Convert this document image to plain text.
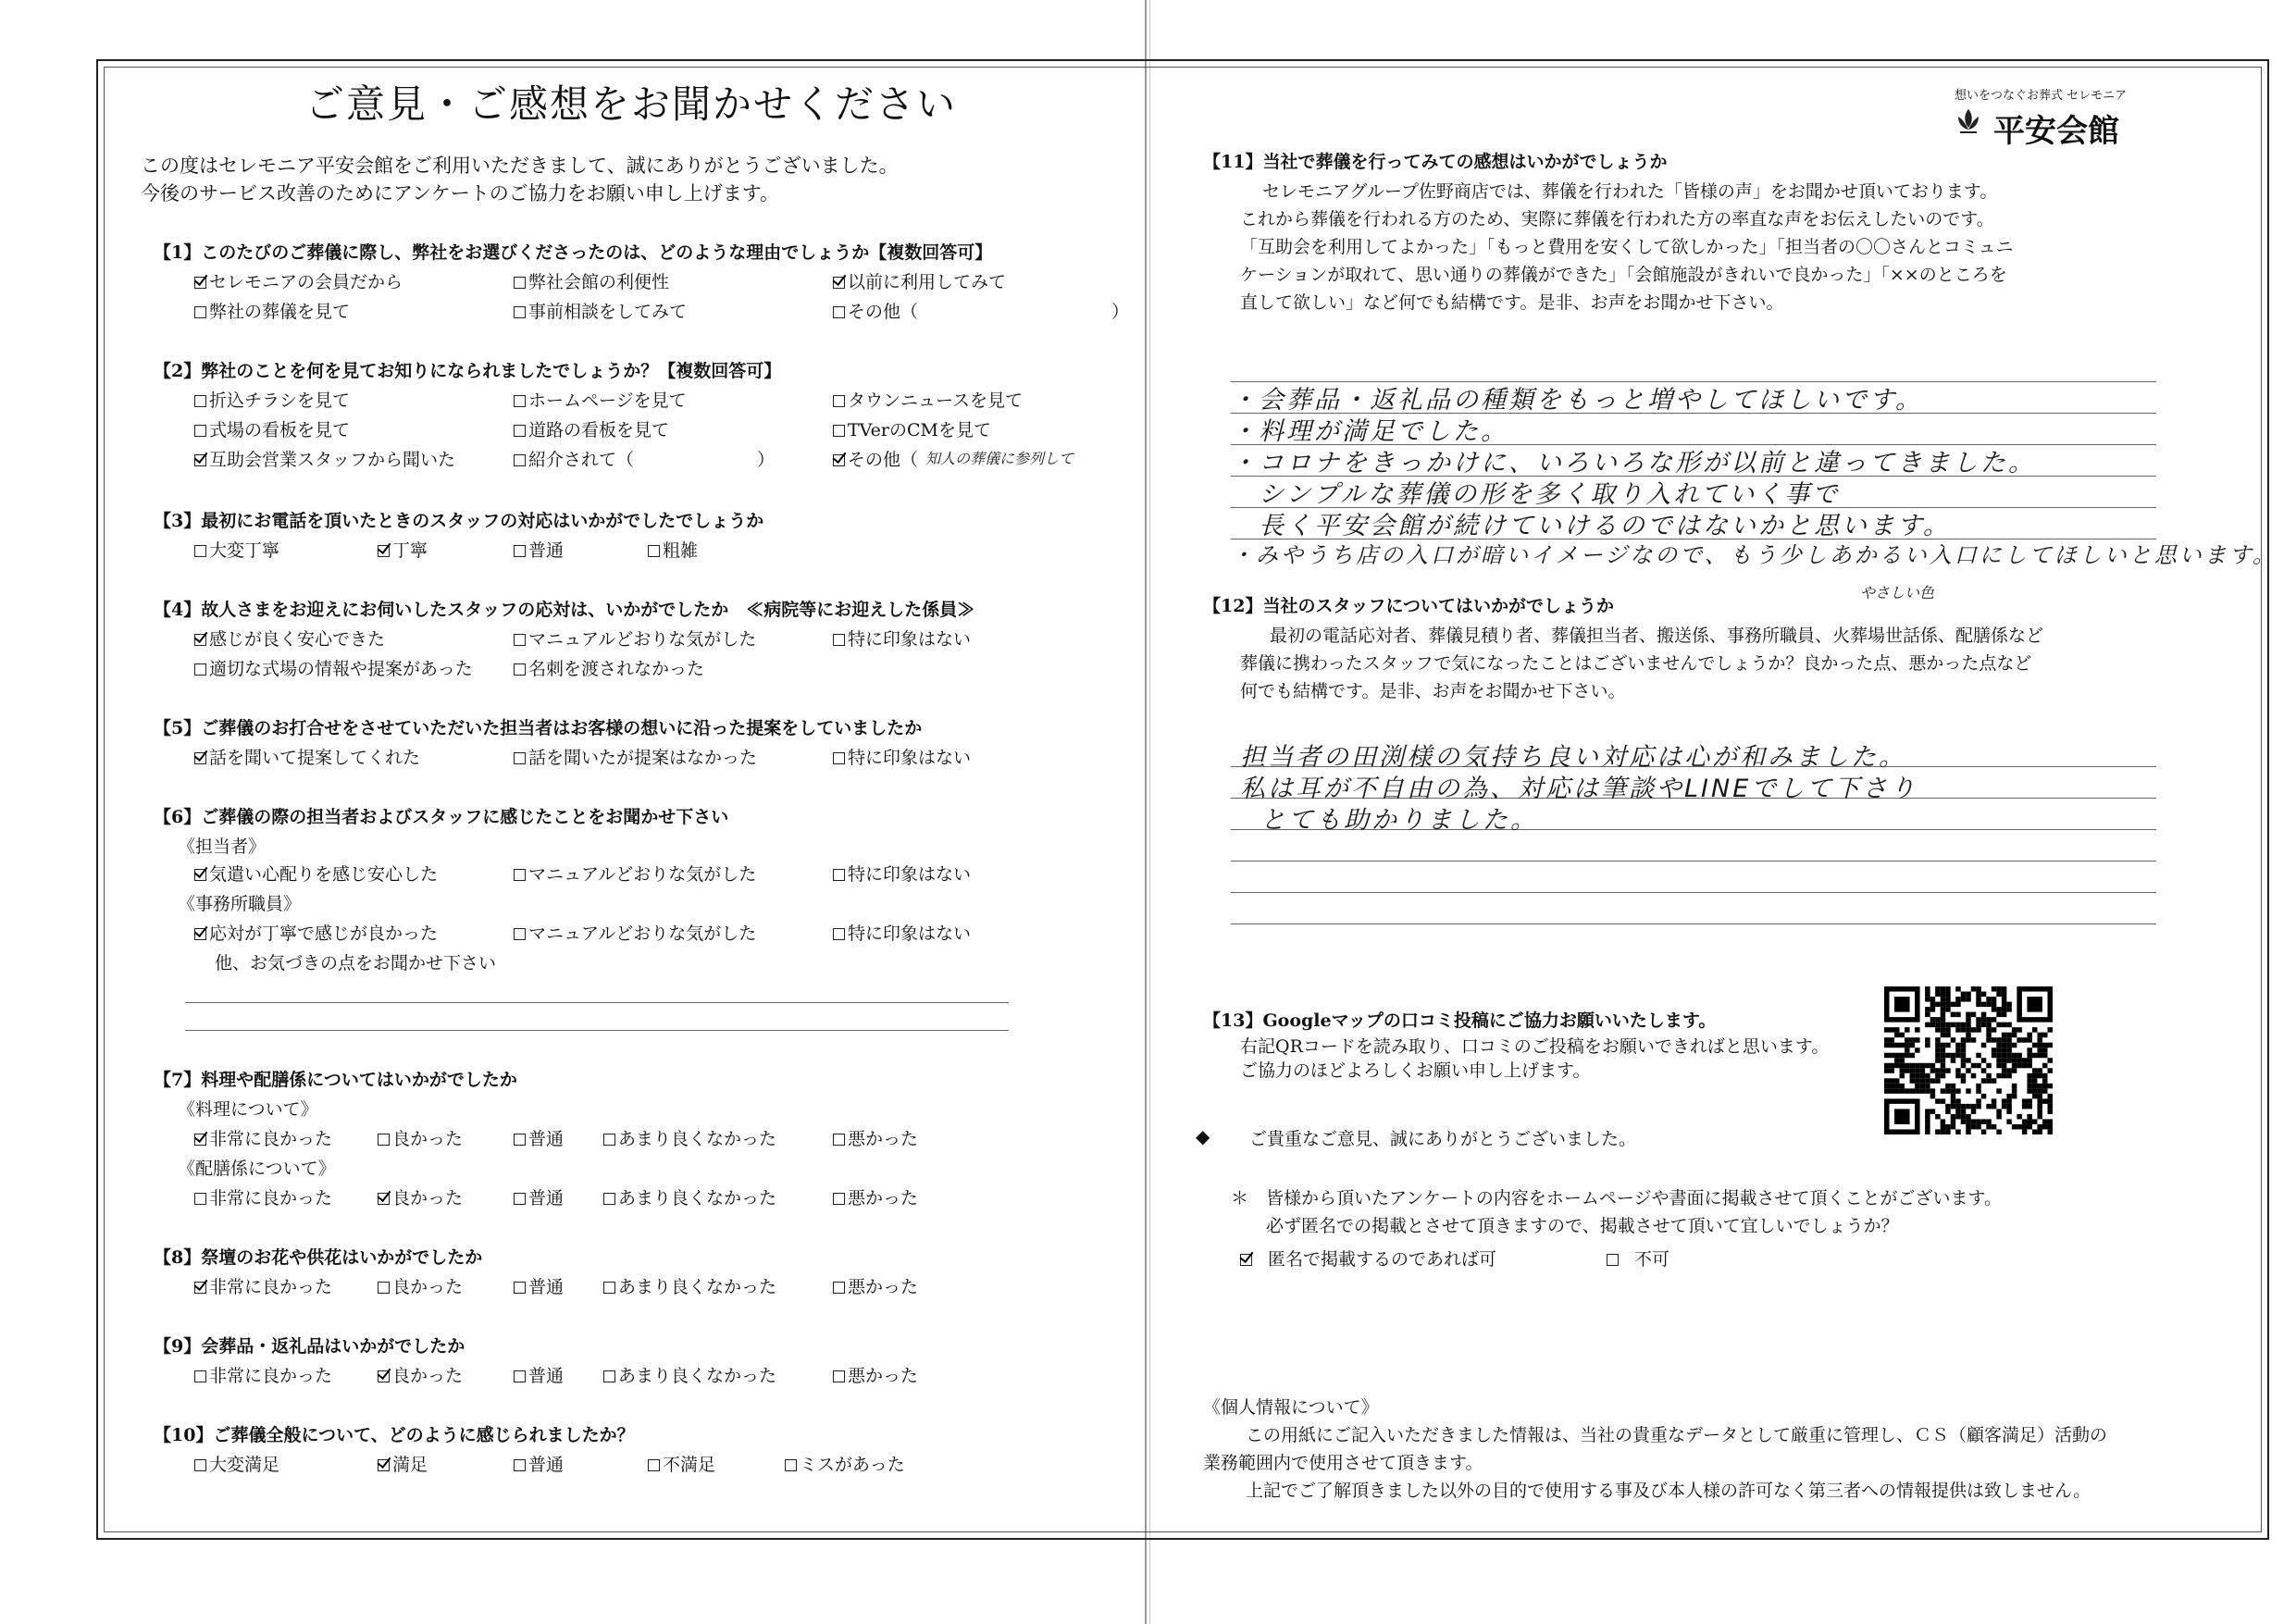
ご意見・ご感想をお聞かせください
この度はセレモニア平安会館をご利用いただきまして、誠にありがとうございました。
今後のサービス改善のためにアンケートのご協力をお願い申し上げます。
【1】このたびのご葬儀に際し、弊社をお選びくださったのは、どのような理由でしょうか【複数回答可】
セレモニアの会員だから	弊社会館の利便性	以前に利用してみて
弊社の葬儀を見て	事前相談をしてみて	その他（　　　　　　　　　　　）
【2】弊社のことを何を見てお知りになられましたでしょうか？【複数回答可】
折込チラシを見て	ホームページを見て	タウンニュースを見て
式場の看板を見て	道路の看板を見て	TVerのCMを見て
互助会営業スタッフから聞いた	紹介されて（　　　　　　　）	その他（ 知人の葬儀に参列して
【3】最初にお電話を頂いたときのスタッフの対応はいかがでしたでしょうか
大変丁寧	丁寧	普通	粗雑
【4】故人さまをお迎えにお伺いしたスタッフの応対は、いかがでしたか　≪病院等にお迎えした係員≫
感じが良く安心できた	マニュアルどおりな気がした	特に印象はない
適切な式場の情報や提案があった	名刺を渡されなかった
【5】ご葬儀のお打合せをさせていただいた担当者はお客様の想いに沿った提案をしていましたか
話を聞いて提案してくれた	話を聞いたが提案はなかった	特に印象はない
【6】ご葬儀の際の担当者およびスタッフに感じたことをお聞かせ下さい
《担当者》
気遣い心配りを感じ安心した	マニュアルどおりな気がした	特に印象はない
《事務所職員》
応対が丁寧で感じが良かった	マニュアルどおりな気がした	特に印象はない
他、お気づきの点をお聞かせ下さい
【7】料理や配膳係についてはいかがでしたか
《料理について》
非常に良かった	良かった	普通	あまり良くなかった	悪かった
《配膳係について》
非常に良かった	良かった	普通	あまり良くなかった	悪かった
【8】祭壇のお花や供花はいかがでしたか
非常に良かった	良かった	普通	あまり良くなかった	悪かった
【9】会葬品・返礼品はいかがでしたか
非常に良かった	良かった	普通	あまり良くなかった	悪かった
【10】ご葬儀全般について、どのように感じられましたか？
大変満足	満足	普通	不満足	ミスがあった
想いをつなぐお葬式 セレモニア
平安会館
【11】当社で葬儀を行ってみての感想はいかがでしょうか
セレモニアグループ佐野商店では、葬儀を行われた「皆様の声」をお聞かせ頂いております。
これから葬儀を行われる方のため、実際に葬儀を行われた方の率直な声をお伝えしたいのです。
「互助会を利用してよかった」「もっと費用を安くして欲しかった」「担当者の〇〇さんとコミュニ
ケーションが取れて、思い通りの葬儀ができた」「会館施設がきれいで良かった」「××のところを
直して欲しい」など何でも結構です。是非、お声をお聞かせ下さい。
・会葬品・返礼品の種類をもっと増やしてほしいです。
・料理が満足でした。
・コロナをきっかけに、いろいろな形が以前と違ってきました。
　シンプルな葬儀の形を多く取り入れていく事で
　長く平安会館が続けていけるのではないかと思います。
・みやうち店の入口が暗いイメージなので、もう少しあかるい入口にしてほしいと思います。
やさしい色
【12】当社のスタッフについてはいかがでしょうか
最初の電話応対者、葬儀見積り者、葬儀担当者、搬送係、事務所職員、火葬場世話係、配膳係など
葬儀に携わったスタッフで気になったことはございませんでしょうか？良かった点、悪かった点など
何でも結構です。是非、お声をお聞かせ下さい。
担当者の田渕様の気持ち良い対応は心が和みました。
私は耳が不自由の為、対応は筆談やLINEでして下さり
とても助かりました。
【13】Googleマップの口コミ投稿にご協力お願いいたします。
右記QRコードを読み取り、口コミのご投稿をお願いできればと思います。
ご協力のほどよろしくお願い申し上げます。
◆ ご貴重なご意見、誠にありがとうございました。
＊ 皆様から頂いたアンケートの内容をホームページや書面に掲載させて頂くことがございます。
必ず匿名での掲載とさせて頂きますので、掲載させて頂いて宜しいでしょうか？
匿名で掲載するのであれば可	不可
《個人情報について》
この用紙にご記入いただきました情報は、当社の貴重なデータとして厳重に管理し、ＣＳ（顧客満足）活動の
業務範囲内で使用させて頂きます。
上記でご了解頂きました以外の目的で使用する事及び本人様の許可なく第三者への情報提供は致しません。
